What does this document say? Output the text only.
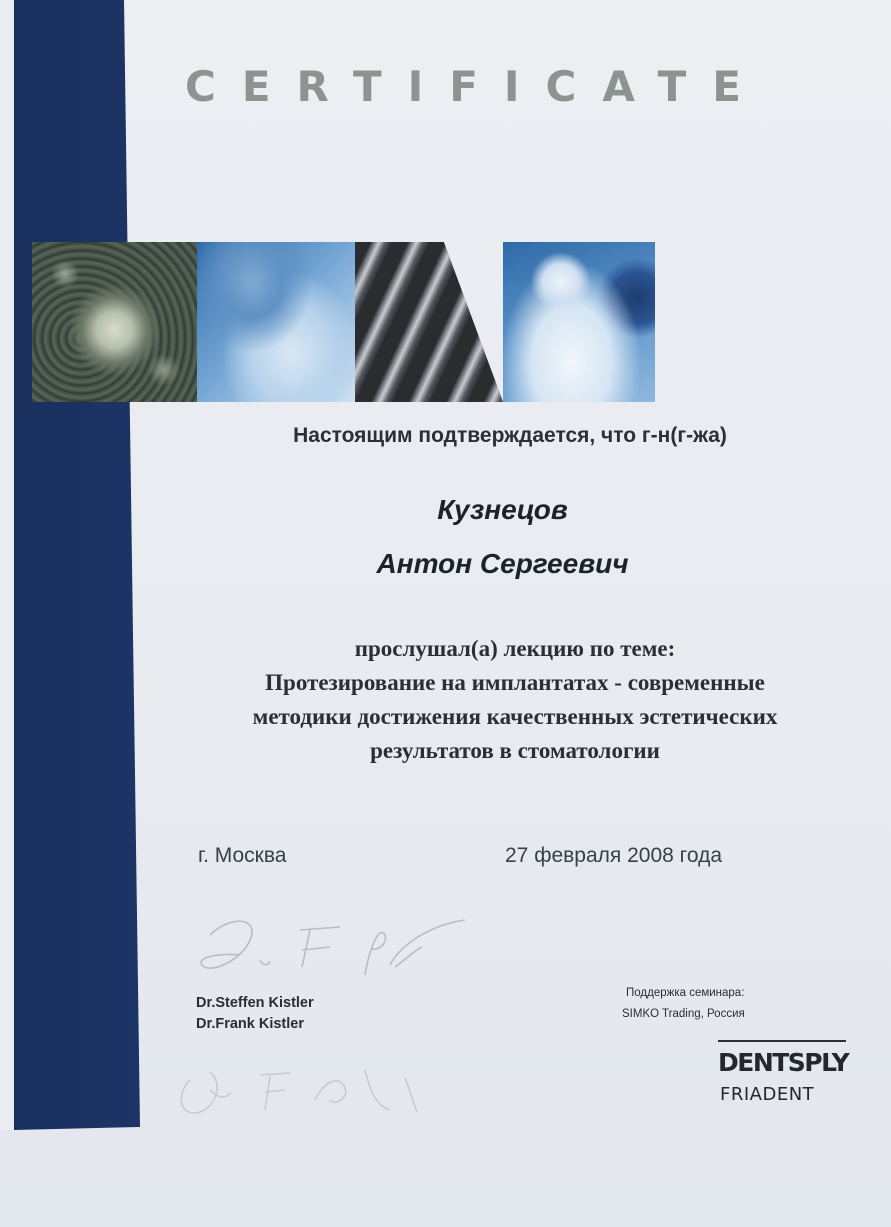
CERTIFICATE
Настоящим подтверждается, что г-н(г-жа)
Кузнецов
Антон Сергеевич
прослушал(а) лекцию по теме:
Протезирование на имплантатах - современные
методики достижения качественных эстетических
результатов в стоматологии
г. Москва	27 февраля 2008 года
Dr.Steffen Kistler
Dr.Frank Kistler
Поддержка семинара:
SIMKO Trading, Россия
DENTSPLY
FRIADENT
